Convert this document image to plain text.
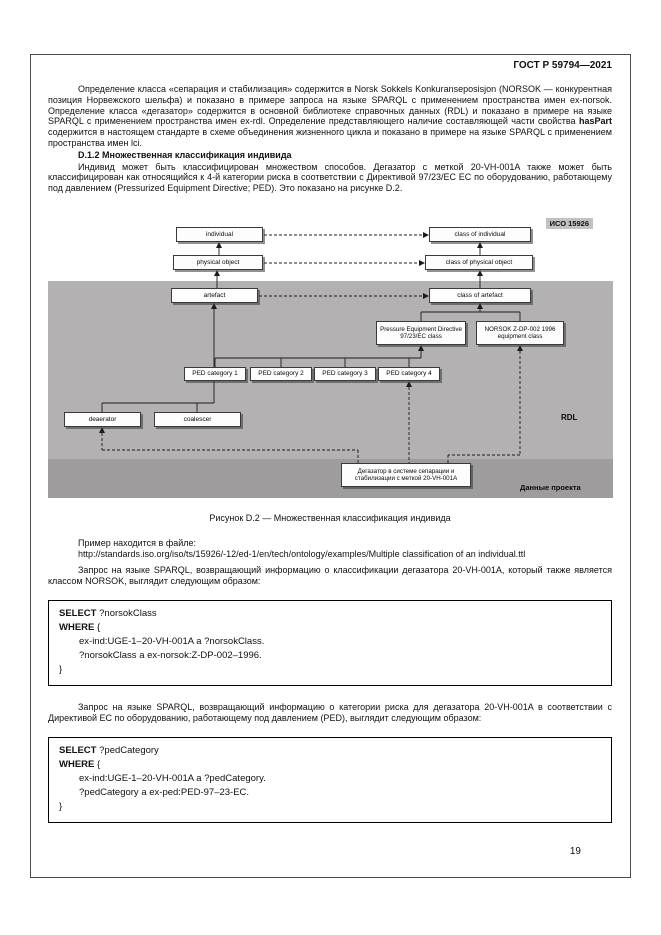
ГОСТ Р 59794—2021

Определение класса «сепарация и стабилизация» содержится в Norsk Sokkels Konkuranseposisjon (NORSOK — конкурентная позиция Норвежского шельфа) и показано в примере запроса на языке SPARQL с применением пространства имен ex-norsok. Определение класса «дегазатор» содержится в основной библиотеке справочных данных (RDL) и показано в примере на языке SPARQL с применением пространства имен ex-rdl. Определение представляющего наличие составляющей части свойства hasPart содержится в настоящем стандарте в схеме объединения жизненного цикла и показано в примере на языке SPARQL с применением пространства имен lci.

D.1.2 Множественная классификация индивида

Индивид может быть классифицирован множеством способов. Дегазатор с меткой 20-VH-001A также может быть классифицирован как относящийся к 4-й категории риска в соответствии с Директивой 97/23/ЕС ЕС по оборудованию, работающему под давлением (Pressurized Equipment Directive; PED). Это показано на рисунке D.2.

ИСО 15926
RDL
Данные проекта
individual	class of individual
physical object	class of physical object
artefact	class of artefact
Pressure Equipment Directive 97/23/EC class
NORSOK Z-DP-002 1996 equipment class
PED category 1	PED category 2	PED category 3	PED category 4
deaerator	coalescer
Дегазатор в системе сепарации и стабилизации с меткой 20-VH-001A

Рисунок D.2 — Множественная классификация индивида

Пример находится в файле:

http://standards.iso.org/iso/ts/15926/-12/ed-1/en/tech/ontology/examples/Multiple classification of an individual.ttl

Запрос на языке SPARQL, возвращающий информацию о классификации дегазатора 20-VH-001A, который также является классом NORSOK, выглядит следующим образом:

SELECT ?norsokClass
WHERE {
ex-ind:UGE-1–20-VH-001A a ?norsokClass.
?norsokClass a ex-norsok:Z-DP-002–1996.
}

Запрос на языке SPARQL, возвращающий информацию о категории риска для дегазатора 20-VH-001A в соответствии с Директивой ЕС по оборудованию, работающему под давлением (PED), выглядит следующим образом:

SELECT ?pedCategory
WHERE {
ex-ind:UGE-1–20-VH-001A a ?pedCategory.
?pedCategory a ex-ped:PED-97–23-EC.
}
19
